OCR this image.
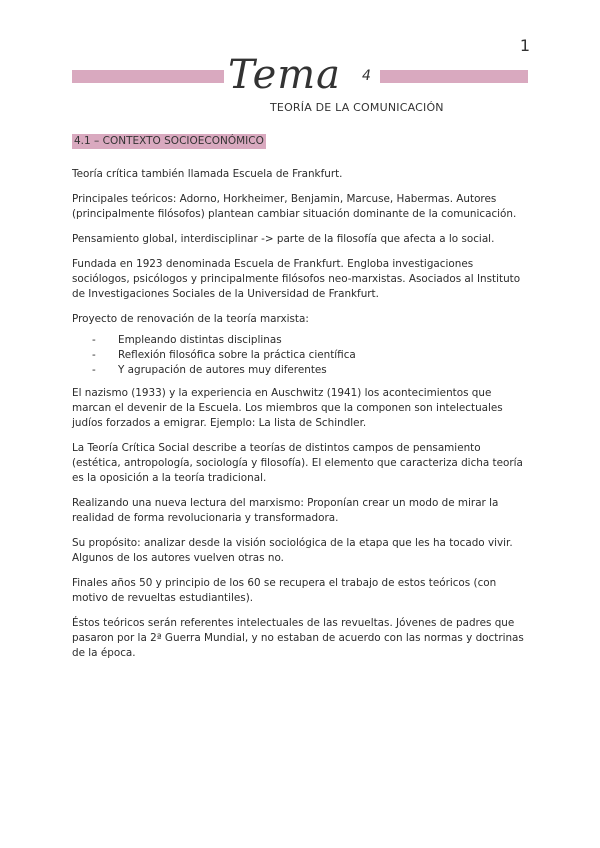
1
Tema 4
TEORÍA DE LA COMUNICACIÓN
4.1 – CONTEXTO SOCIOECONÓMICO

Teoría crítica también llamada Escuela de Frankfurt.

Principales teóricos: Adorno, Horkheimer, Benjamin, Marcuse, Habermas. Autores (principalmente filósofos) plantean cambiar situación dominante de la comunicación.

Pensamiento global, interdisciplinar -> parte de la filosofía que afecta a lo social.

Fundada en 1923 denominada Escuela de Frankfurt. Engloba investigaciones sociólogos, psicólogos y principalmente filósofos neo-marxistas. Asociados al Instituto de Investigaciones Sociales de la Universidad de Frankfurt.

Proyecto de renovación de la teoría marxista:

- Empleando distintas disciplinas
- Reflexión filosófica sobre la práctica científica
- Y agrupación de autores muy diferentes

El nazismo (1933) y la experiencia en Auschwitz (1941) los acontecimientos que marcan el devenir de la Escuela. Los miembros que la componen son intelectuales judíos forzados a emigrar. Ejemplo: La lista de Schindler.

La Teoría Crítica Social describe a teorías de distintos campos de pensamiento (estética, antropología, sociología y filosofía). El elemento que caracteriza dicha teoría es la oposición a la teoría tradicional.

Realizando una nueva lectura del marxismo: Proponían crear un modo de mirar la realidad de forma revolucionaria y transformadora.

Su propósito: analizar desde la visión sociológica de la etapa que les ha tocado vivir. Algunos de los autores vuelven otras no.

Finales años 50 y principio de los 60 se recupera el trabajo de estos teóricos (con motivo de revueltas estudiantiles).

Éstos teóricos serán referentes intelectuales de las revueltas. Jóvenes de padres que pasaron por la 2ª Guerra Mundial, y no estaban de acuerdo con las normas y doctrinas de la época.
